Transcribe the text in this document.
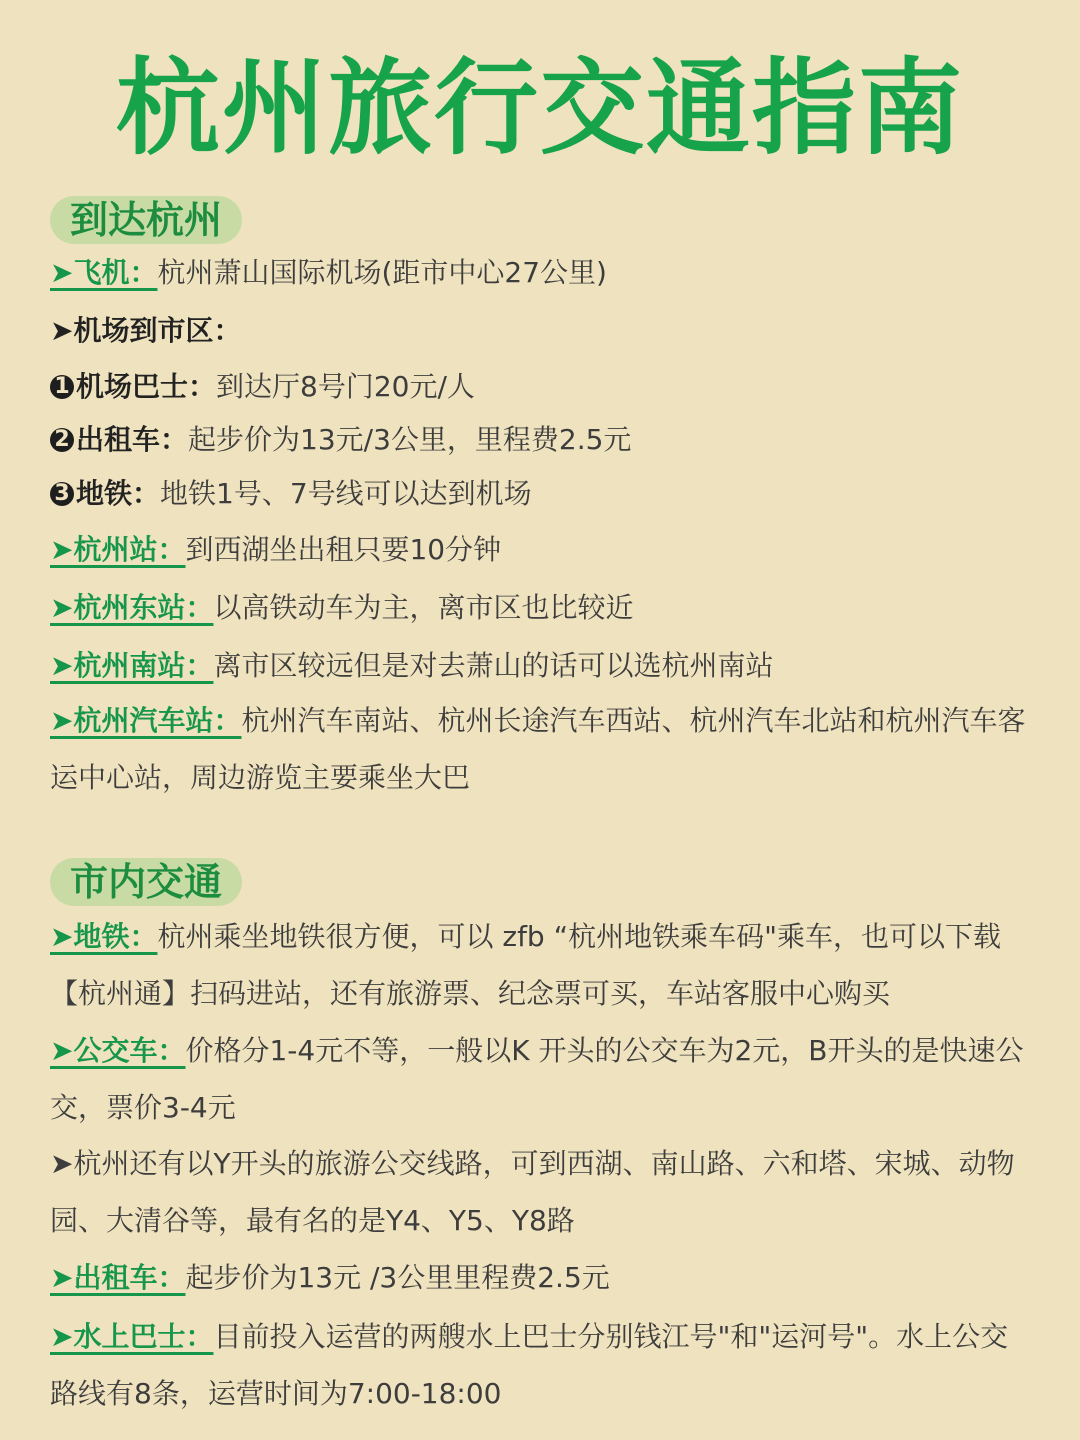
杭州旅行交通指南
到达杭州
➤飞机：杭州萧山国际机场(距市中心27公里)
➤机场到市区：
1 机场巴士：到达厅8号门20元/人
2 出租车：起步价为13元/3公里，里程费2.5元
3 地铁：地铁1号、7号线可以达到机场
➤杭州站：到西湖坐出租只要10分钟
➤杭州东站：以高铁动车为主，离市区也比较近
➤杭州南站：离市区较远但是对去萧山的话可以选杭州南站
➤杭州汽车站：杭州汽车南站、杭州长途汽车西站、杭州汽车北站和杭州汽车客运中心站，周边游览主要乘坐大巴
市内交通
➤地铁：杭州乘坐地铁很方便，可以 zfb “杭州地铁乘车码"乘车，也可以下载【杭州通】扫码进站，还有旅游票、纪念票可买，车站客服中心购买
➤公交车：价格分1-4元不等，一般以K 开头的公交车为2元，B开头的是快速公交，票价3-4元
➤杭州还有以Y开头的旅游公交线路，可到西湖、南山路、六和塔、宋城、动物园、大清谷等，最有名的是Y4、Y5、Y8路
➤出租车：起步价为13元 /3公里里程费2.5元
➤水上巴士：目前投入运营的两艘水上巴士分别钱江号"和"运河号"。水上公交路线有8条，运营时间为7:00-18:00
